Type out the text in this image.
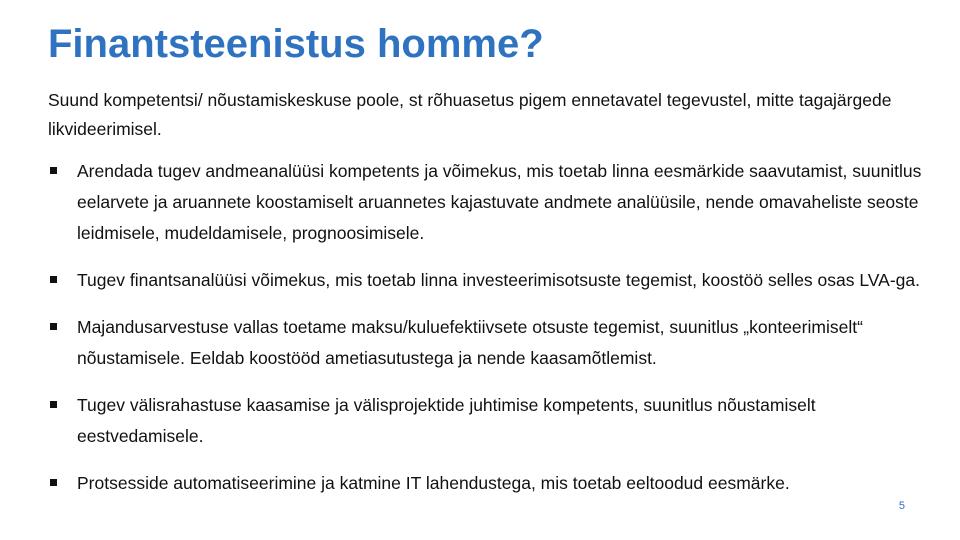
Finantsteenistus homme?

Suund kompetentsi/ nõustamiskeskuse poole, st rõhuasetus pigem ennetavatel tegevustel, mitte tagajärgede likvideerimisel.

Arendada tugev andmeanalüüsi kompetents ja võimekus, mis toetab linna eesmärkide saavutamist, suunitlus eelarvete ja aruannete koostamiselt aruannetes kajastuvate andmete analüüsile, nende omavaheliste seoste leidmisele, mudeldamisele, prognoosimisele.
Tugev finantsanalüüsi võimekus, mis toetab linna investeerimisotsuste tegemist, koostöö selles osas LVA-ga.
Majandusarvestuse vallas toetame maksu/kuluefektiivsete otsuste tegemist, suunitlus „konteerimiselt“ nõustamisele. Eeldab koostööd ametiasutustega ja nende kaasamõtlemist.
Tugev välisrahastuse kaasamise ja välisprojektide juhtimise kompetents, suunitlus nõustamiselt eestvedamisele.
Protsesside automatiseerimine ja katmine IT lahendustega, mis toetab eeltoodud eesmärke.
5
